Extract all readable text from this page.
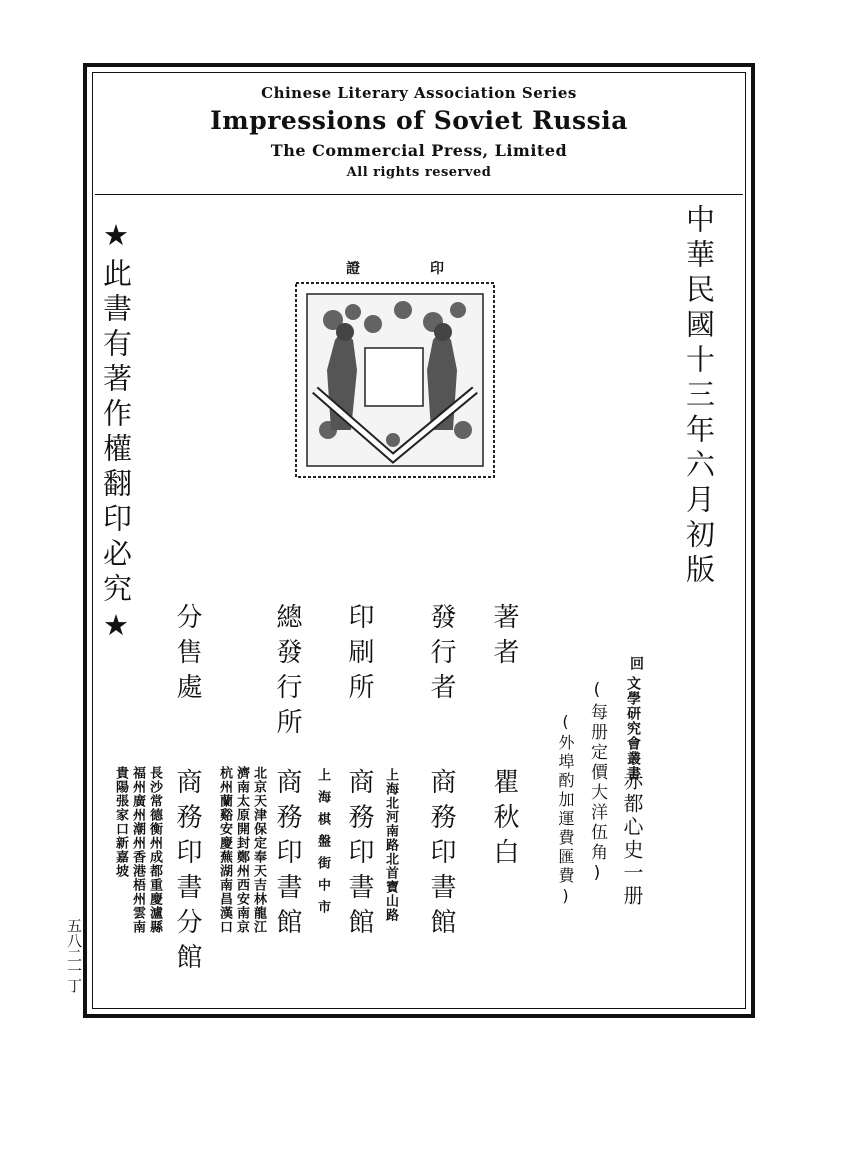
Chinese Literary Association Series
Impressions of Soviet Russia
The Commercial Press, Limited
All rights reserved
中華民國十三年六月初版
★此書有著作權翻印必究★	證	印
著者
瞿秋白
發行者
商務印書館
上海北河南路北首寶山路
印刷所
商務印書館
上海棋盤街中市
總發行所
商務印書館
北京天津保定奉天吉林龍江
濟南太原開封鄭州西安南京
杭州蘭谿安慶蕪湖南昌漢口
分售處
商務印書分館
長沙常德衡州成都重慶瀘縣
福州廣州潮州香港梧州雲南
貴陽張家口新嘉坡
回
文學研究會叢書
赤都心史一册
(每册定價大洋伍角)
(外埠酌加運費匯費)
五八二一丁
